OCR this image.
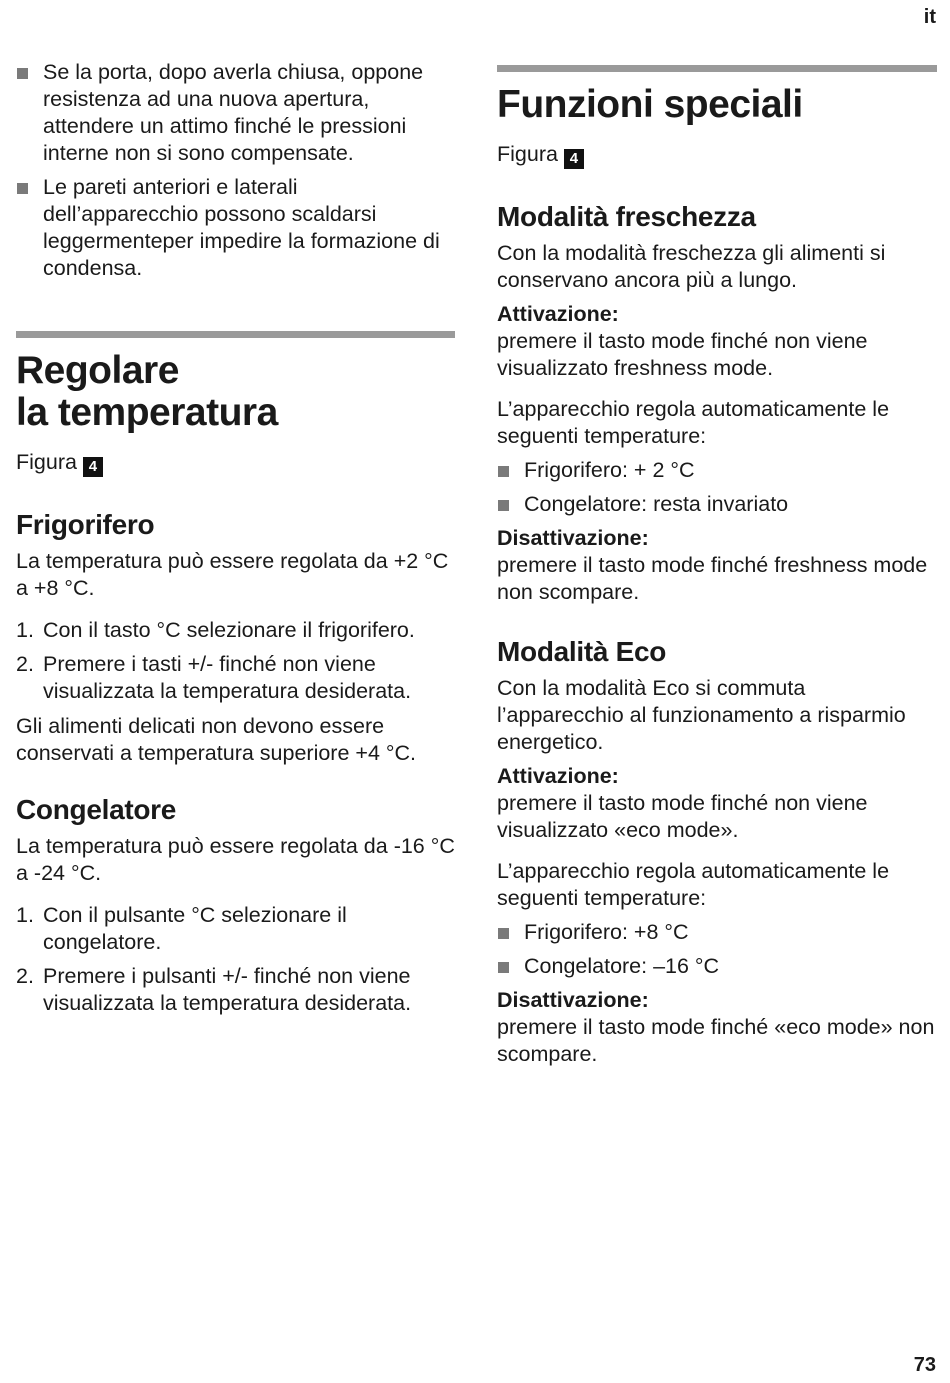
it
Se la porta, dopo averla chiusa, oppone resistenza ad una nuova apertura, attendere un attimo finché le pressioni interne non si sono compensate.
Le pareti anteriori e laterali dell’apparecchio possono scaldarsi leggermenteper impedire la formazione di condensa.
Regolare
la temperatura
Figura 4
Frigorifero

La temperatura può essere regolata da +2 °C a +8 °C.

1. Con il tasto °C selezionare il frigorifero.
2. Premere i tasti +/- finché non viene visualizzata la temperatura desiderata.

Gli alimenti delicati non devono essere conservati a temperatura superiore +4 °C.

Congelatore

La temperatura può essere regolata da -16 °C a -24 °C.

1. Con il pulsante °C selezionare il congelatore.
2. Premere i pulsanti +/- finché non viene visualizzata la temperatura desiderata.
Funzioni speciali
Figura 4
Modalità freschezza

Con la modalità freschezza gli alimenti si conservano ancora più a lungo.

Attivazione:

premere il tasto mode finché non viene visualizzato freshness mode.

L’apparecchio regola automaticamente le seguenti temperature:

Frigorifero: + 2 °C
Congelatore: resta invariato

Disattivazione:

premere il tasto mode finché freshness mode non scompare.

Modalità Eco

Con la modalità Eco si commuta l’apparecchio al funzionamento a risparmio energetico.

Attivazione:

premere il tasto mode finché non viene visualizzato «eco mode».

L’apparecchio regola automaticamente le seguenti temperature:

Frigorifero: +8 °C
Congelatore: –16 °C

Disattivazione:

premere il tasto mode finché «eco mode» non scompare.

73
